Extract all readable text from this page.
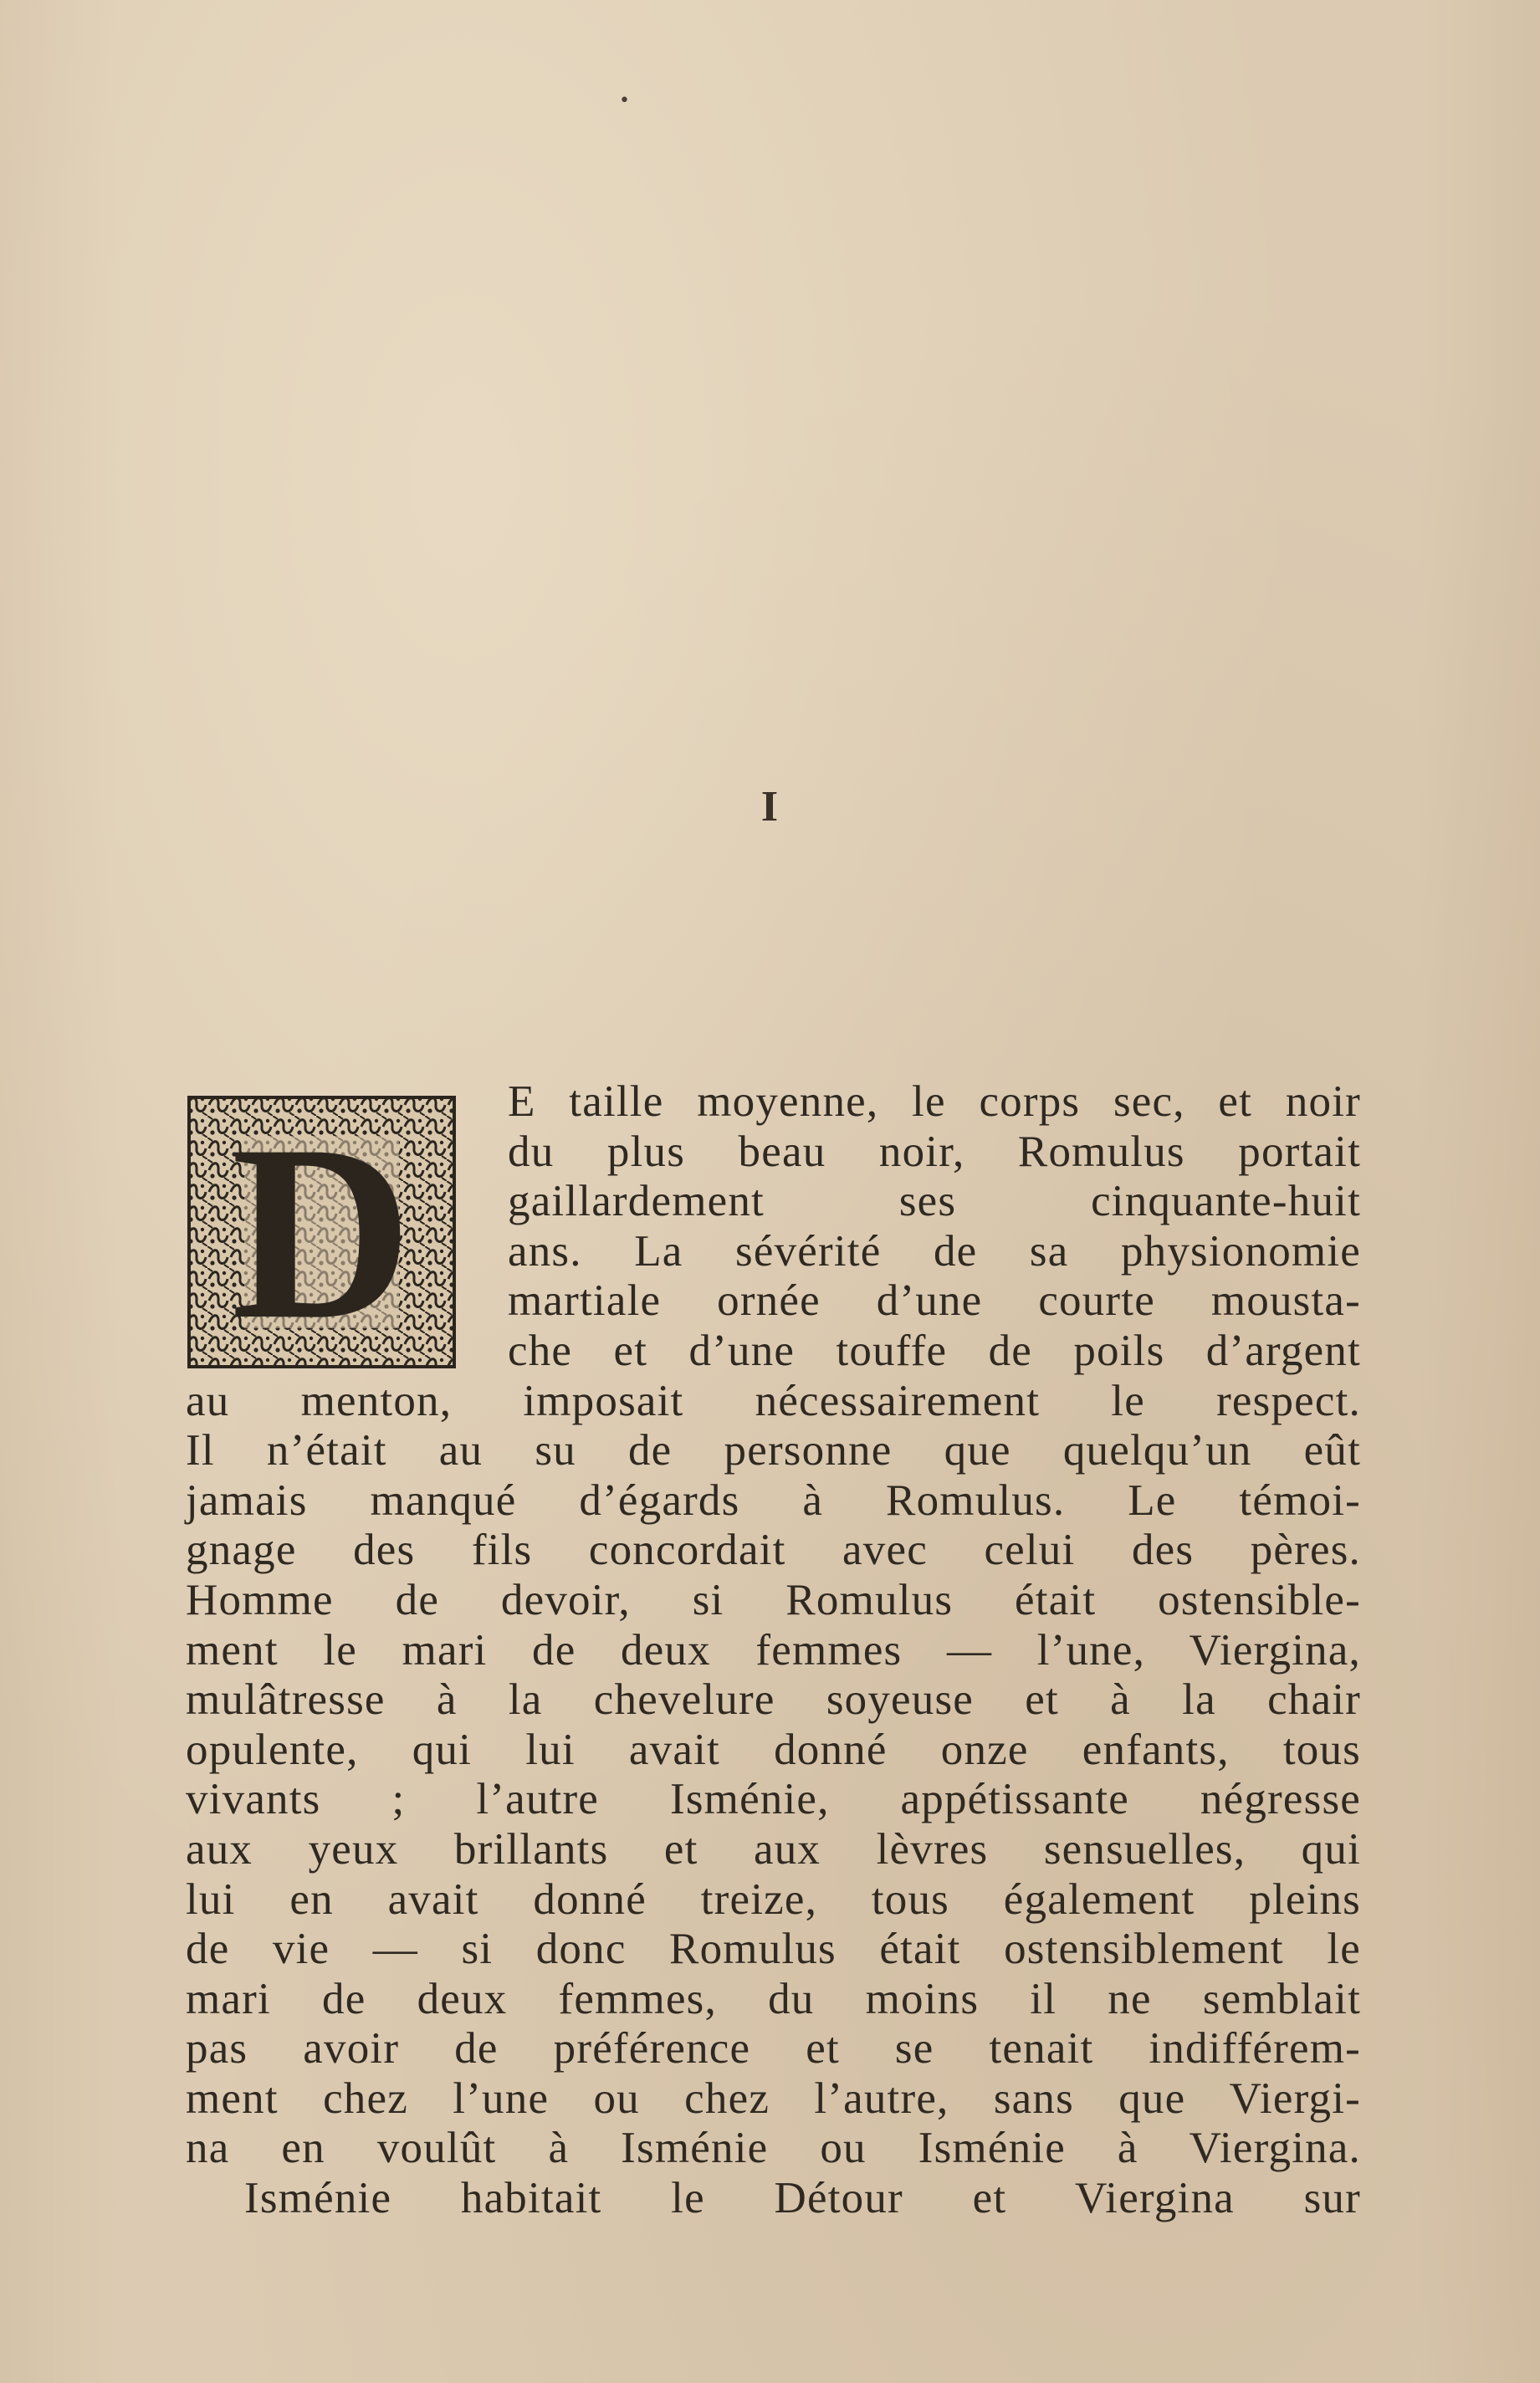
•
I
D	E taille moyenne, le corps sec, et noir
du plus beau noir, Romulus portait
gaillardement ses cinquante-huit
ans. La sévérité de sa physionomie
martiale ornée d’une courte mousta-
che et d’une touffe de poils d’argent
au menton, imposait nécessairement le respect.
Il n’était au su de personne que quelqu’un eût
jamais manqué d’égards à Romulus. Le témoi-
gnage des fils concordait avec celui des pères.
Homme de devoir, si Romulus était ostensible-
ment le mari de deux femmes — l’une, Viergina,
mulâtresse à la chevelure soyeuse et à la chair
opulente, qui lui avait donné onze enfants, tous
vivants ; l’autre Isménie, appétissante négresse
aux yeux brillants et aux lèvres sensuelles, qui
lui en avait donné treize, tous également pleins
de vie — si donc Romulus était ostensiblement le
mari de deux femmes, du moins il ne semblait
pas avoir de préférence et se tenait indifférem-
ment chez l’une ou chez l’autre, sans que Viergi-
na en voulût à Isménie ou Isménie à Viergina.
Isménie habitait le Détour et Viergina sur
